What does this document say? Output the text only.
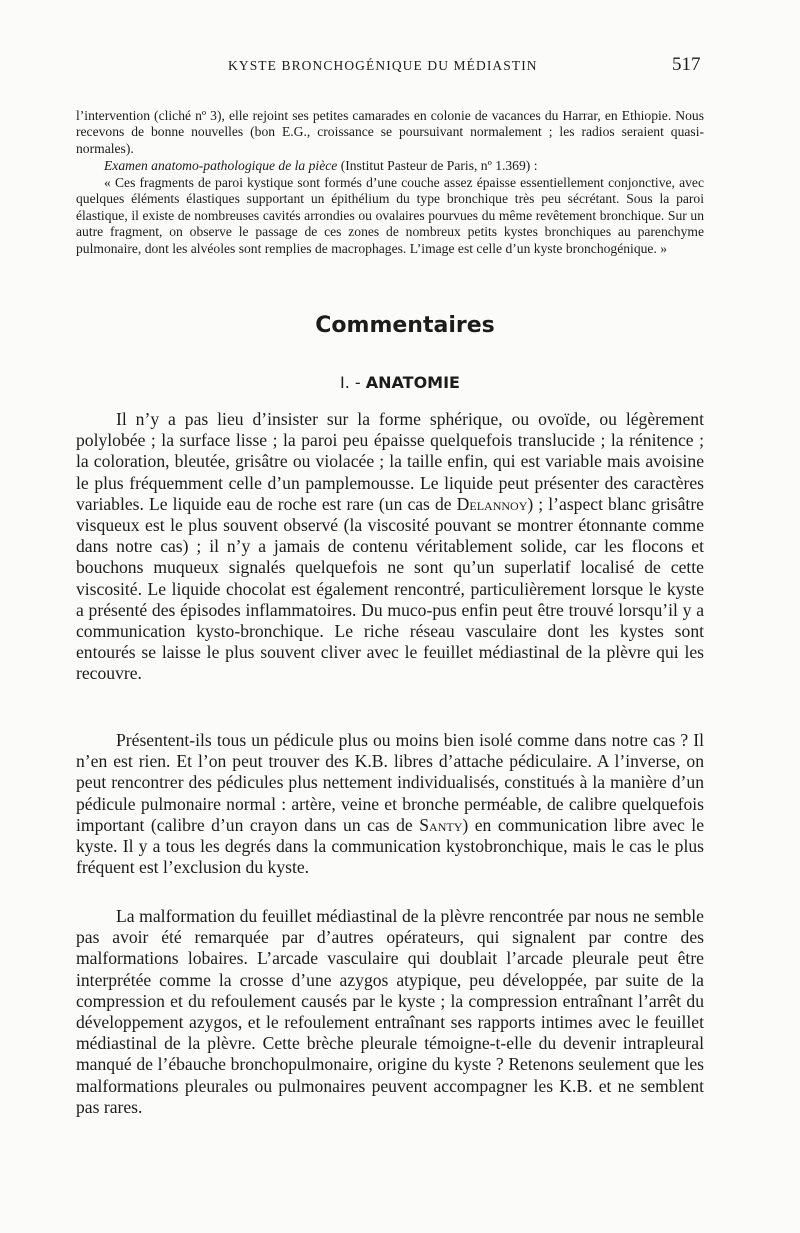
KYSTE BRONCHOGÉNIQUE DU MÉDIASTIN	517

l’intervention (cliché nº 3), elle rejoint ses petites camarades en colonie de vacances du Harrar, en Ethiopie. Nous recevons de bonne nouvelles (bon E.G., croissance se poursuivant normalement ; les radios seraient quasi-normales).

Examen anatomo-pathologique de la pièce (Institut Pasteur de Paris, nº 1.369) :

« Ces fragments de paroi kystique sont formés d’une couche assez épaisse essentiellement conjonctive, avec quelques éléments élastiques supportant un épithélium du type bronchique très peu sécrétant. Sous la paroi élastique, il existe de nombreuses cavités arrondies ou ovalaires pourvues du même revêtement bronchique. Sur un autre fragment, on observe le passage de ces zones de nombreux petits kystes bronchiques au parenchyme pulmonaire, dont les alvéoles sont remplies de macrophages. L’image est celle d’un kyste bronchogénique. »

Commentaires
I. - ANATOMIE

Il n’y a pas lieu d’insister sur la forme sphérique, ou ovoïde, ou légèrement polylobée ; la surface lisse ; la paroi peu épaisse quelquefois translucide ; la rénitence ; la coloration, bleutée, grisâtre ou violacée ; la taille enfin, qui est variable mais avoisine le plus fréquemment celle d’un pamplemousse. Le liquide peut présenter des caractères variables. Le liquide eau de roche est rare (un cas de Delannoy) ; l’aspect blanc grisâtre visqueux est le plus souvent observé (la viscosité pouvant se montrer étonnante comme dans notre cas) ; il n’y a jamais de contenu véritablement solide, car les flocons et bouchons muqueux signalés quelquefois ne sont qu’un superlatif localisé de cette viscosité. Le liquide chocolat est également rencontré, particulièrement lorsque le kyste a présenté des épisodes inflammatoires. Du muco-pus enfin peut être trouvé lorsqu’il y a communication kysto-bronchique. Le riche réseau vasculaire dont les kystes sont entourés se laisse le plus souvent cliver avec le feuillet médiastinal de la plèvre qui les recouvre.

Présentent-ils tous un pédicule plus ou moins bien isolé comme dans notre cas ? Il n’en est rien. Et l’on peut trouver des K.B. libres d’attache pédiculaire. A l’inverse, on peut rencontrer des pédicules plus nettement individualisés, constitués à la manière d’un pédicule pulmonaire normal : artère, veine et bronche perméable, de calibre quelquefois important (calibre d’un crayon dans un cas de Santy) en communication libre avec le kyste. Il y a tous les degrés dans la communication kystobronchique, mais le cas le plus fréquent est l’exclusion du kyste.

La malformation du feuillet médiastinal de la plèvre rencontrée par nous ne semble pas avoir été remarquée par d’autres opérateurs, qui signalent par contre des malformations lobaires. L’arcade vasculaire qui doublait l’arcade pleurale peut être interprétée comme la crosse d’une azygos atypique, peu développée, par suite de la compression et du refoulement causés par le kyste ; la compression entraînant l’arrêt du développement azygos, et le refoulement entraînant ses rapports intimes avec le feuillet médiastinal de la plèvre. Cette brèche pleurale témoigne-t-elle du devenir intrapleural manqué de l’ébauche bronchopulmonaire, origine du kyste ? Retenons seulement que les malformations pleurales ou pulmonaires peuvent accompagner les K.B. et ne semblent pas rares.
